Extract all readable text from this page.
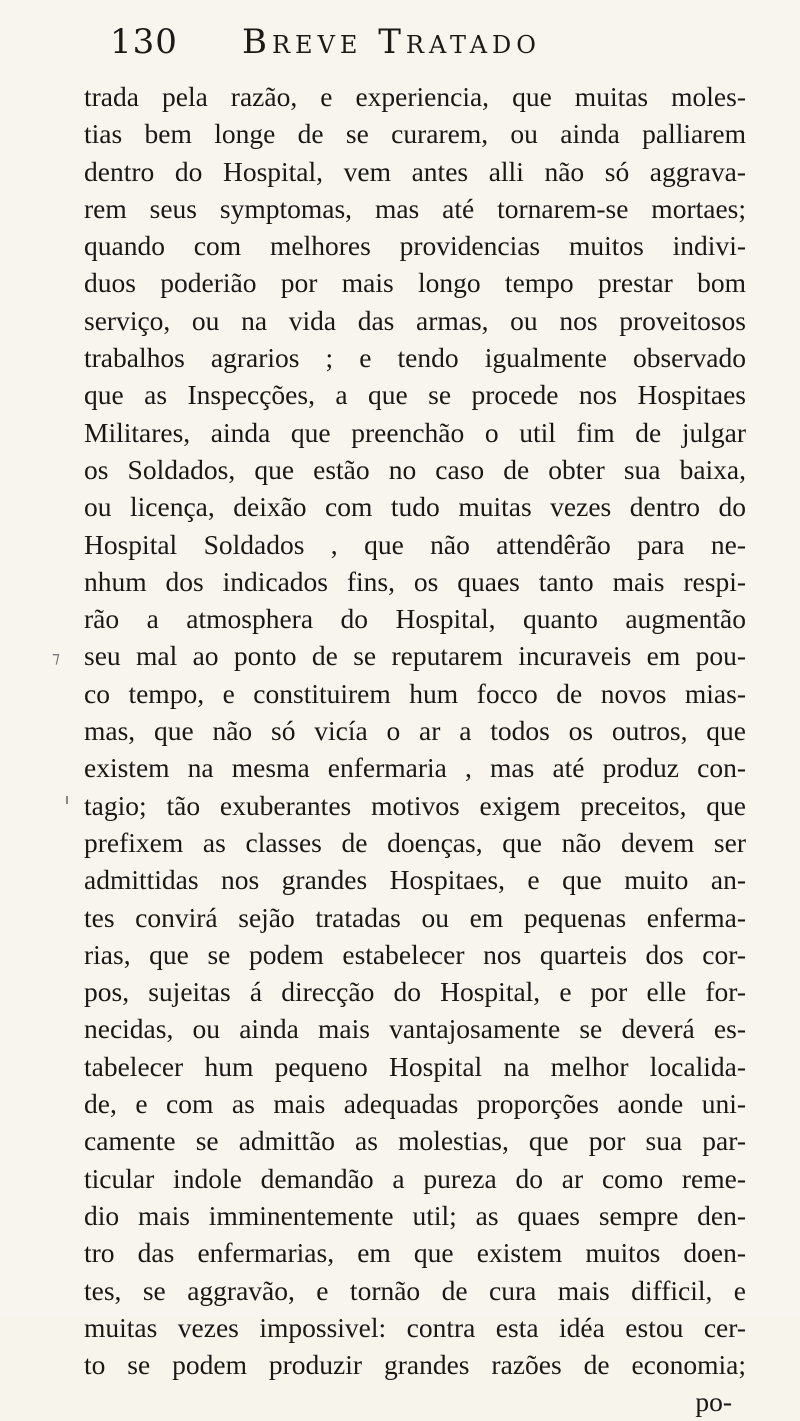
130 Breve Tratado
⁊
trada pela razão, e experiencia, que muitas moles-
tias bem longe de se curarem, ou ainda palliarem
dentro do Hospital, vem antes alli não só aggrava-
rem seus symptomas, mas até tornarem-se mortaes;
quando com melhores providencias muitos indivi-
duos poderião por mais longo tempo prestar bom
serviço, ou na vida das armas, ou nos proveitosos
trabalhos agrarios ; e tendo igualmente observado
que as Inspecções, a que se procede nos Hospitaes
Militares, ainda que preenchão o util fim de julgar
os Soldados, que estão no caso de obter sua baixa,
ou licença, deixão com tudo muitas vezes dentro do
Hospital Soldados , que não attendêrão para ne-
nhum dos indicados fins, os quaes tanto mais respi-
rão a atmosphera do Hospital, quanto augmentão
seu mal ao ponto de se reputarem incuraveis em pou-
co tempo, e constituirem hum focco de novos mias-
mas, que não só vicía o ar a todos os outros, que
existem na mesma enfermaria , mas até produz con-
tagio; tão exuberantes motivos exigem preceitos, que
prefixem as classes de doenças, que não devem ser
admittidas nos grandes Hospitaes, e que muito an-
tes convirá sejão tratadas ou em pequenas enferma-
rias, que se podem estabelecer nos quarteis dos cor-
pos, sujeitas á direcção do Hospital, e por elle for-
necidas, ou ainda mais vantajosamente se deverá es-
tabelecer hum pequeno Hospital na melhor localida-
de, e com as mais adequadas proporções aonde uni-
camente se admittão as molestias, que por sua par-
ticular indole demandão a pureza do ar como reme-
dio mais imminentemente util; as quaes sempre den-
tro das enfermarias, em que existem muitos doen-
tes, se aggravão, e tornão de cura mais difficil, e
muitas vezes impossivel: contra esta idéa estou cer-
to se podem produzir grandes razões de economia;
po-
